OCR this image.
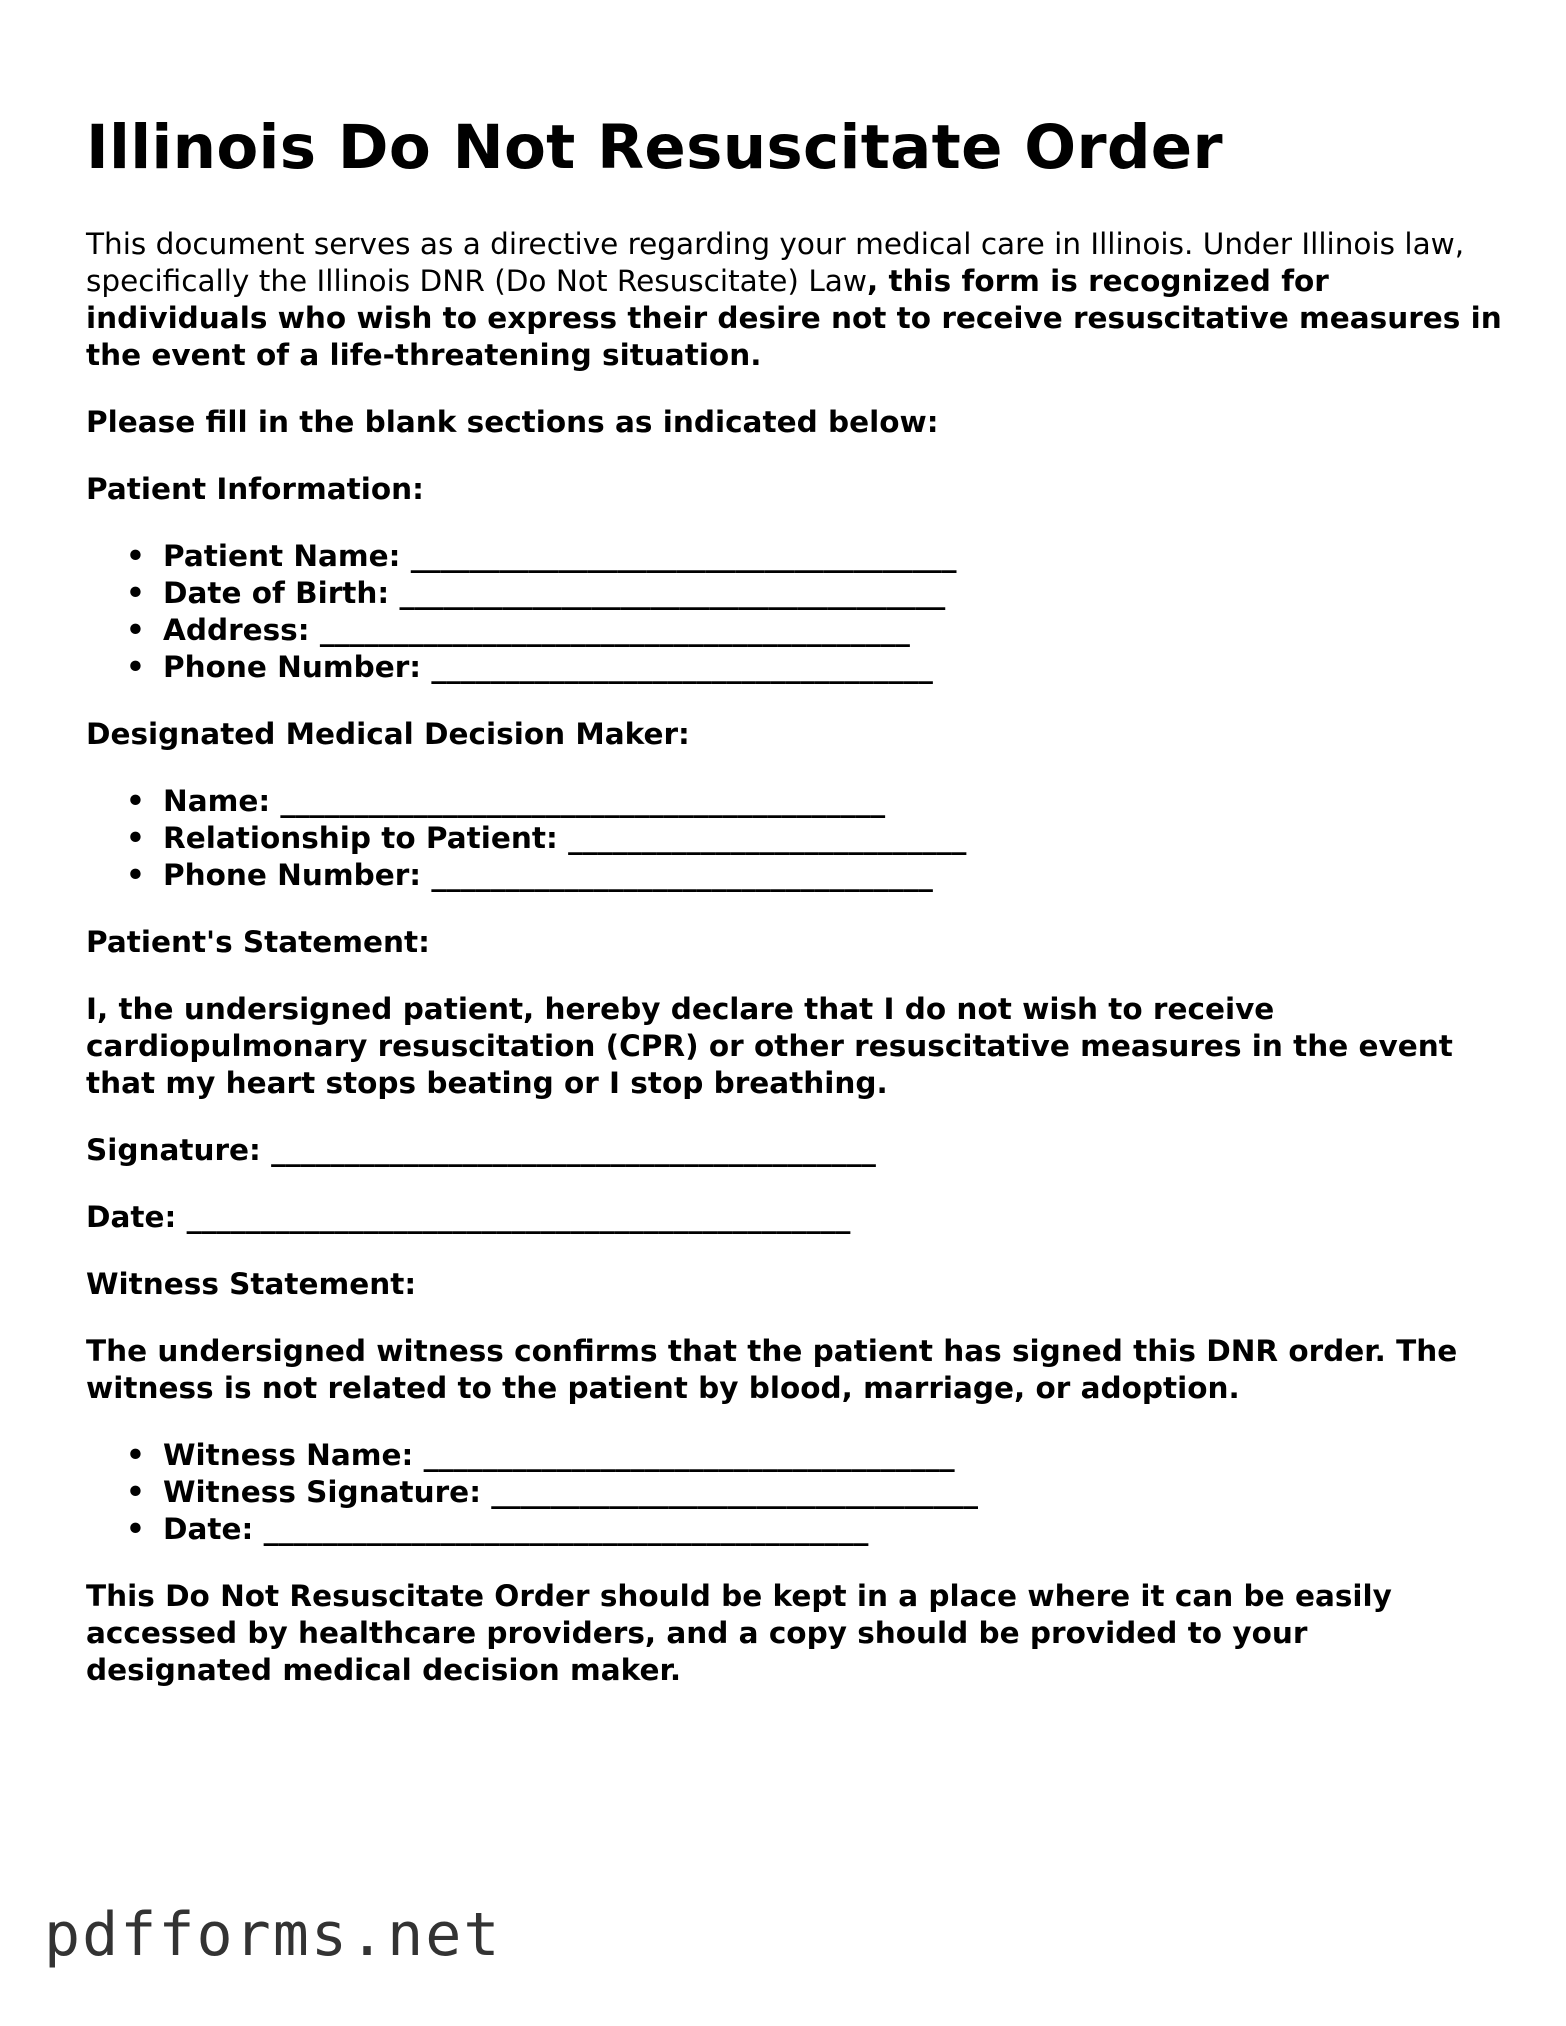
Illinois Do Not Resuscitate Order

This document serves as a directive regarding your medical care in Illinois. Under Illinois law, specifically the Illinois DNR (Do Not Resuscitate) Law, this form is recognized for individuals who wish to express their desire not to receive resuscitative measures in the event of a life-threatening situation.

Please fill in the blank sections as indicated below:

Patient Information:

• Patient Name: _____________________________________
• Date of Birth: _____________________________________
• Address: ________________________________________
• Phone Number: __________________________________

Designated Medical Decision Maker:

• Name: _________________________________________
• Relationship to Patient: ___________________________
• Phone Number: __________________________________

Patient's Statement:

I, the undersigned patient, hereby declare that I do not wish to receive cardiopulmonary resuscitation (CPR) or other resuscitative measures in the event that my heart stops beating or I stop breathing.

Signature: _________________________________________

Date: _____________________________________________

Witness Statement:

The undersigned witness confirms that the patient has signed this DNR order. The witness is not related to the patient by blood, marriage, or adoption.

• Witness Name: ____________________________________
• Witness Signature: _________________________________
• Date: _________________________________________

This Do Not Resuscitate Order should be kept in a place where it can be easily accessed by healthcare providers, and a copy should be provided to your designated medical decision maker.

pdfforms.net
